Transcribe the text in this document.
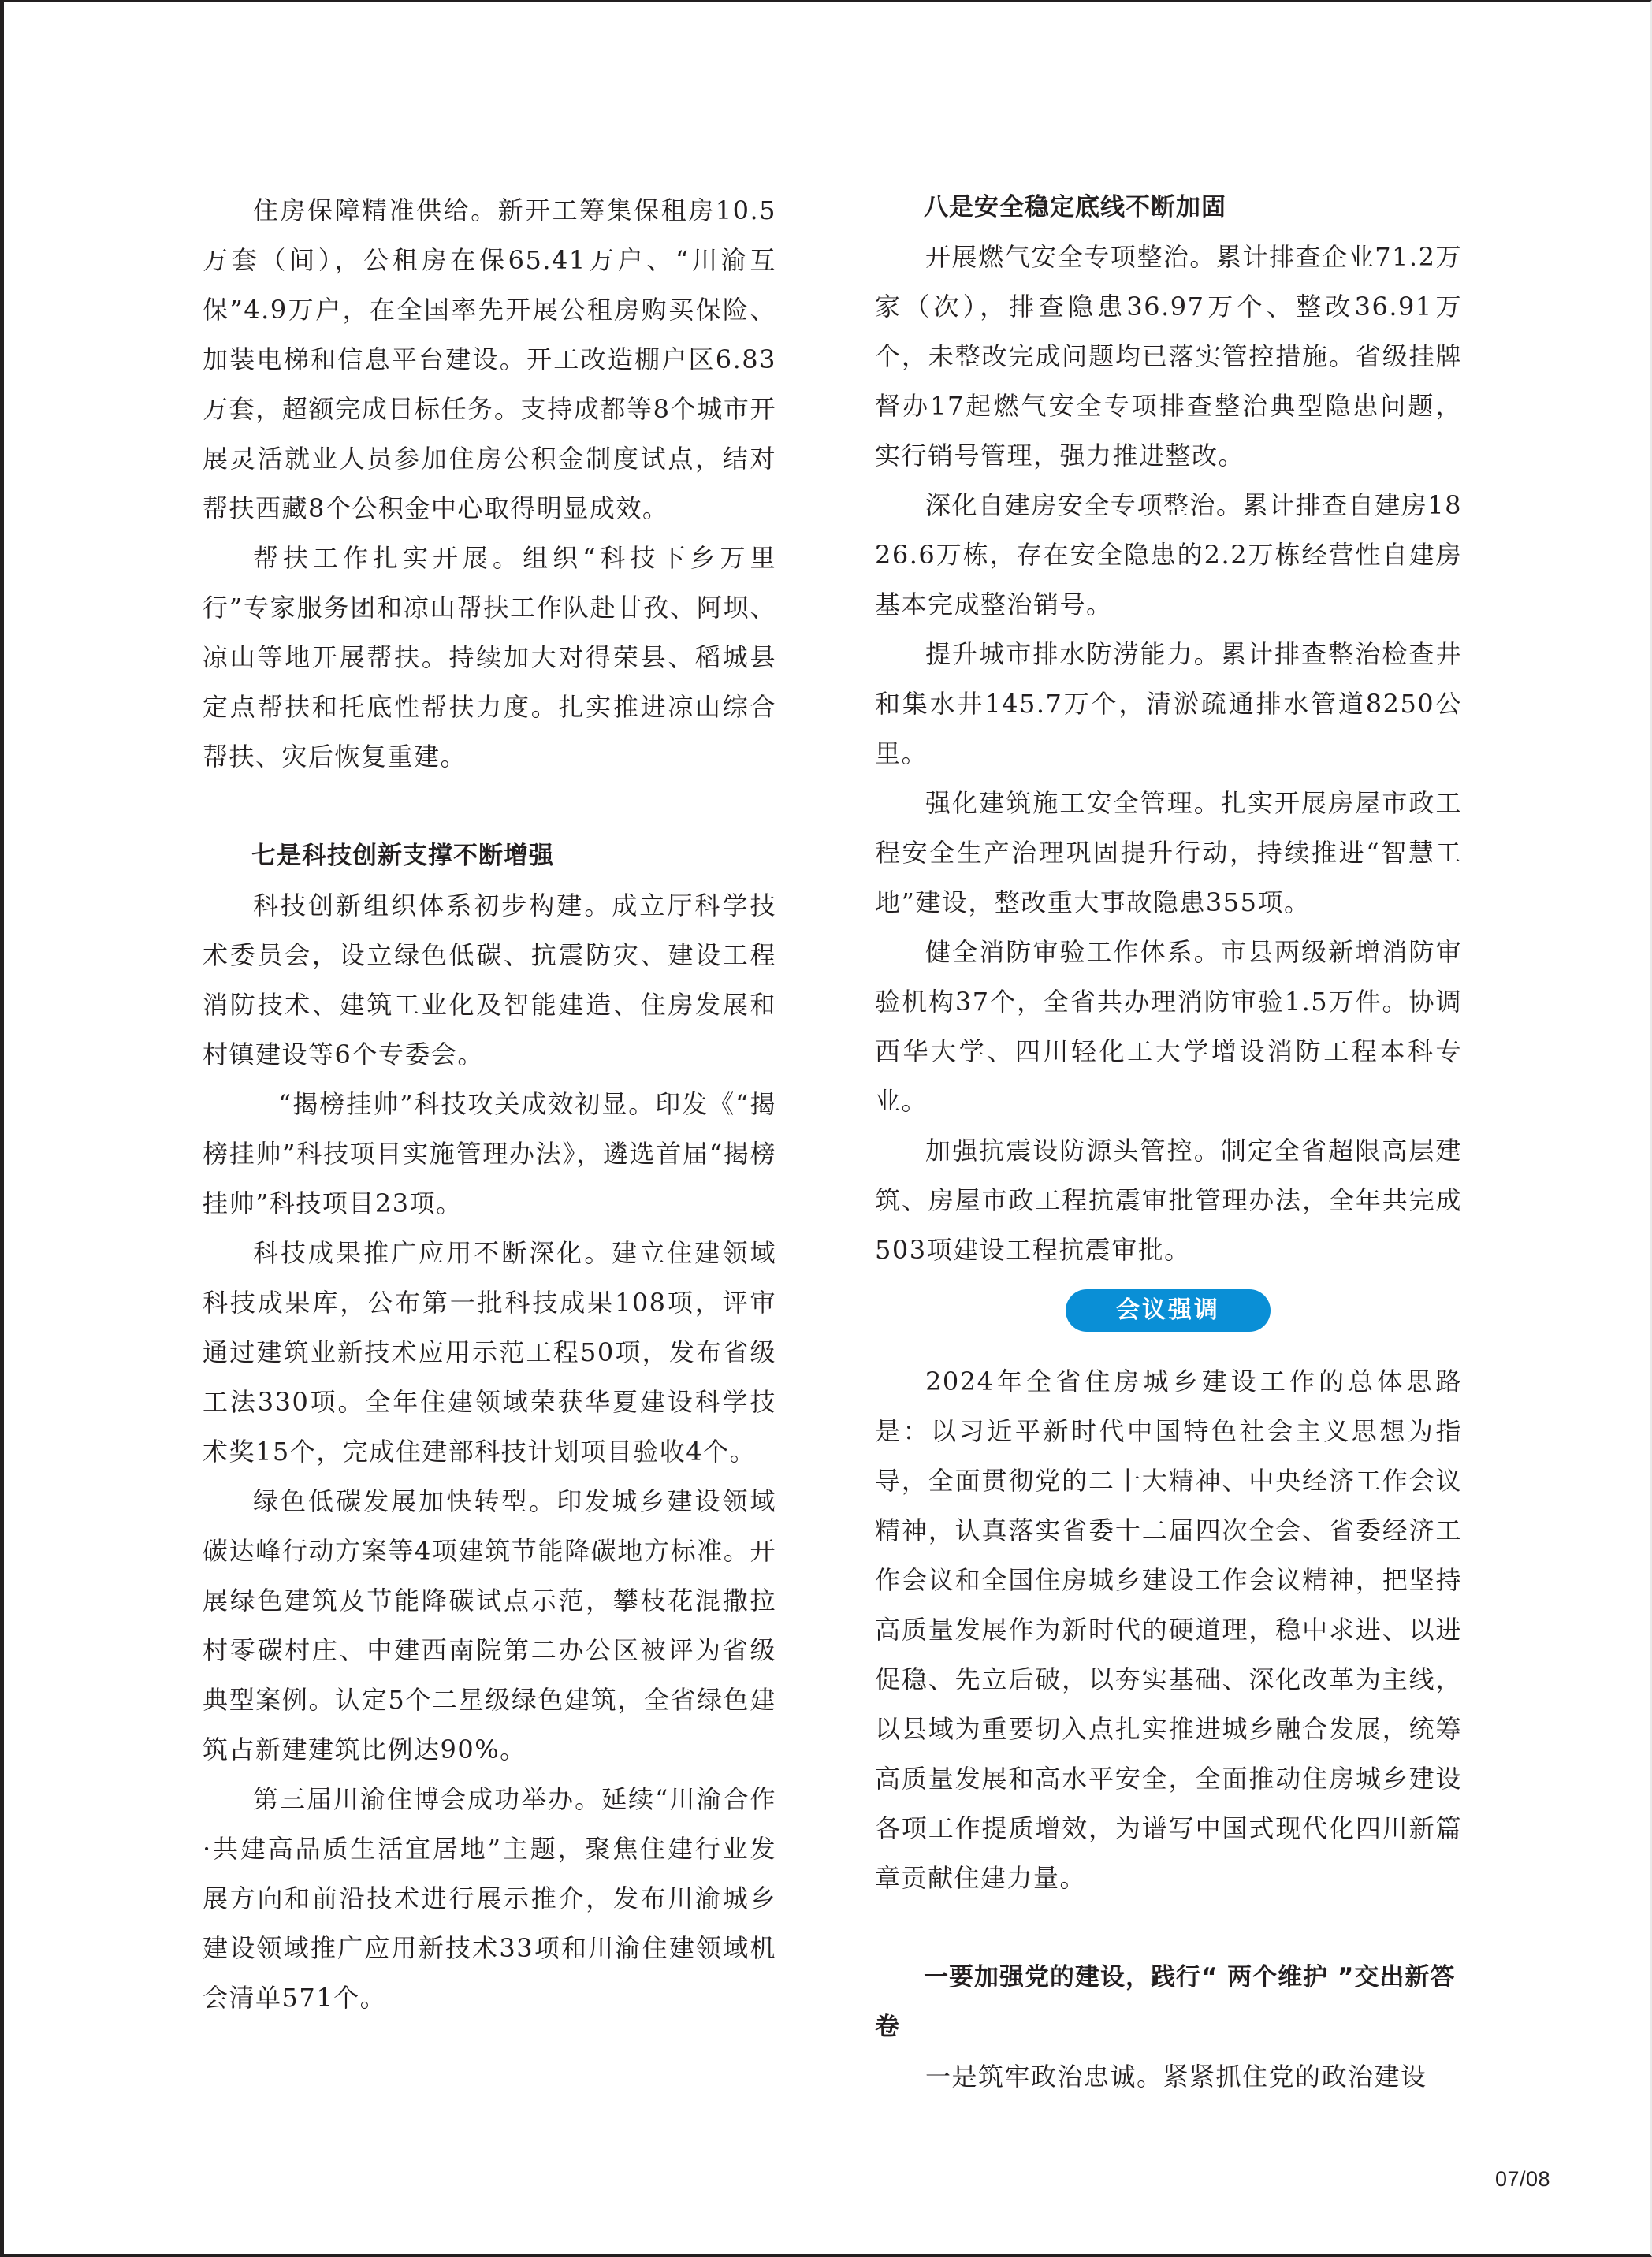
住房保障精准供给。新开工筹集保租房10.5万套（间），公租房在保65.41万户、“川渝互保”4.9万户，在全国率先开展公租房购买保险、加装电梯和信息平台建设。开工改造棚户区6.83万套，超额完成目标任务。支持成都等8个城市开展灵活就业人员参加住房公积金制度试点，结对帮扶西藏8个公积金中心取得明显成效。

帮扶工作扎实开展。组织“科技下乡万里行”专家服务团和凉山帮扶工作队赴甘孜、阿坝、凉山等地开展帮扶。持续加大对得荣县、稻城县定点帮扶和托底性帮扶力度。扎实推进凉山综合帮扶、灾后恢复重建。

七是科技创新支撑不断增强

科技创新组织体系初步构建。成立厅科学技术委员会，设立绿色低碳、抗震防灾、建设工程消防技术、建筑工业化及智能建造、住房发展和村镇建设等6个专委会。

“揭榜挂帅”科技攻关成效初显。印发《“揭榜挂帅”科技项目实施管理办法》，遴选首届“揭榜挂帅”科技项目23项。

科技成果推广应用不断深化。建立住建领域科技成果库，公布第一批科技成果108项，评审通过建筑业新技术应用示范工程50项，发布省级工法330项。全年住建领域荣获华夏建设科学技术奖15个，完成住建部科技计划项目验收4个。

绿色低碳发展加快转型。印发城乡建设领域碳达峰行动方案等4项建筑节能降碳地方标准。开展绿色建筑及节能降碳试点示范，攀枝花混撒拉村零碳村庄、中建西南院第二办公区被评为省级典型案例。认定5个二星级绿色建筑，全省绿色建筑占新建建筑比例达90%。

第三届川渝住博会成功举办。延续“川渝合作·共建高品质生活宜居地”主题，聚焦住建行业发展方向和前沿技术进行展示推介，发布川渝城乡建设领域推广应用新技术33项和川渝住建领域机会清单571个。

八是安全稳定底线不断加固

开展燃气安全专项整治。累计排查企业71.2万家（次），排查隐患36.97万个、整改36.91万个，未整改完成问题均已落实管控措施。省级挂牌督办17起燃气安全专项排查整治典型隐患问题，实行销号管理，强力推进整改。

深化自建房安全专项整治。累计排查自建房1826.6万栋，存在安全隐患的2.2万栋经营性自建房基本完成整治销号。

提升城市排水防涝能力。累计排查整治检查井和集水井145.7万个，清淤疏通排水管道8250公里。

强化建筑施工安全管理。扎实开展房屋市政工程安全生产治理巩固提升行动，持续推进“智慧工地”建设，整改重大事故隐患355项。

健全消防审验工作体系。市县两级新增消防审验机构37个，全省共办理消防审验1.5万件。协调西华大学、四川轻化工大学增设消防工程本科专业。

加强抗震设防源头管控。制定全省超限高层建筑、房屋市政工程抗震审批管理办法，全年共完成503项建设工程抗震审批。

会议强调

2024年全省住房城乡建设工作的总体思路是：以习近平新时代中国特色社会主义思想为指导，全面贯彻党的二十大精神、中央经济工作会议精神，认真落实省委十二届四次全会、省委经济工作会议和全国住房城乡建设工作会议精神，把坚持高质量发展作为新时代的硬道理，稳中求进、以进促稳、先立后破，以夯实基础、深化改革为主线，以县域为重要切入点扎实推进城乡融合发展，统筹高质量发展和高水平安全，全面推动住房城乡建设各项工作提质增效，为谱写中国式现代化四川新篇章贡献住建力量。

一要加强党的建设，践行“ 两个维护 ”交出新答卷

一是筑牢政治忠诚。紧紧抓住党的政治建设

07/08
